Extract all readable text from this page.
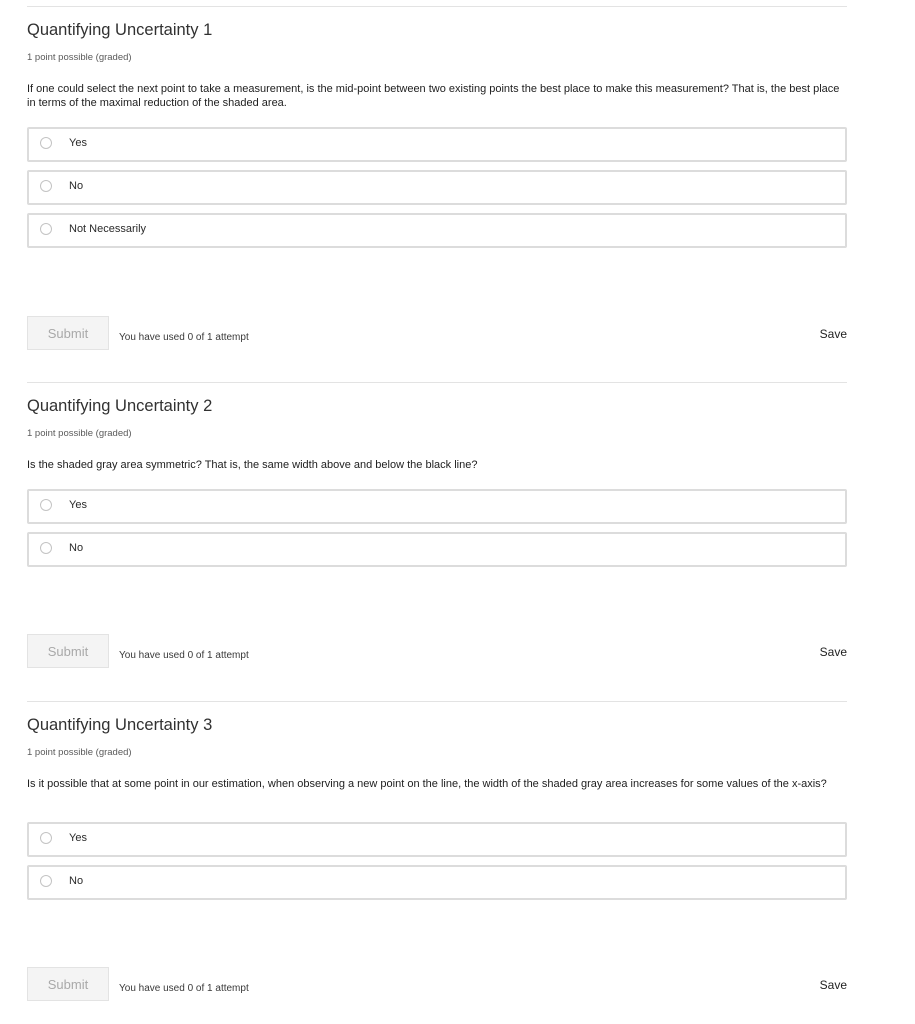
Quantifying Uncertainty 1
1 point possible (graded)
If one could select the next point to take a measurement, is the mid-point between two existing points the best place to make this measurement? That is, the best place in terms of the maximal reduction of the shaded area.
Yes
No
Not Necessarily
Submit	You have used 0 of 1 attempt	Save
Quantifying Uncertainty 2
1 point possible (graded)
Is the shaded gray area symmetric? That is, the same width above and below the black line?
Yes
No
Submit	You have used 0 of 1 attempt	Save
Quantifying Uncertainty 3
1 point possible (graded)
Is it possible that at some point in our estimation, when observing a new point on the line, the width of the shaded gray area increases for some values of the x-axis?
Yes
No
Submit	You have used 0 of 1 attempt	Save
